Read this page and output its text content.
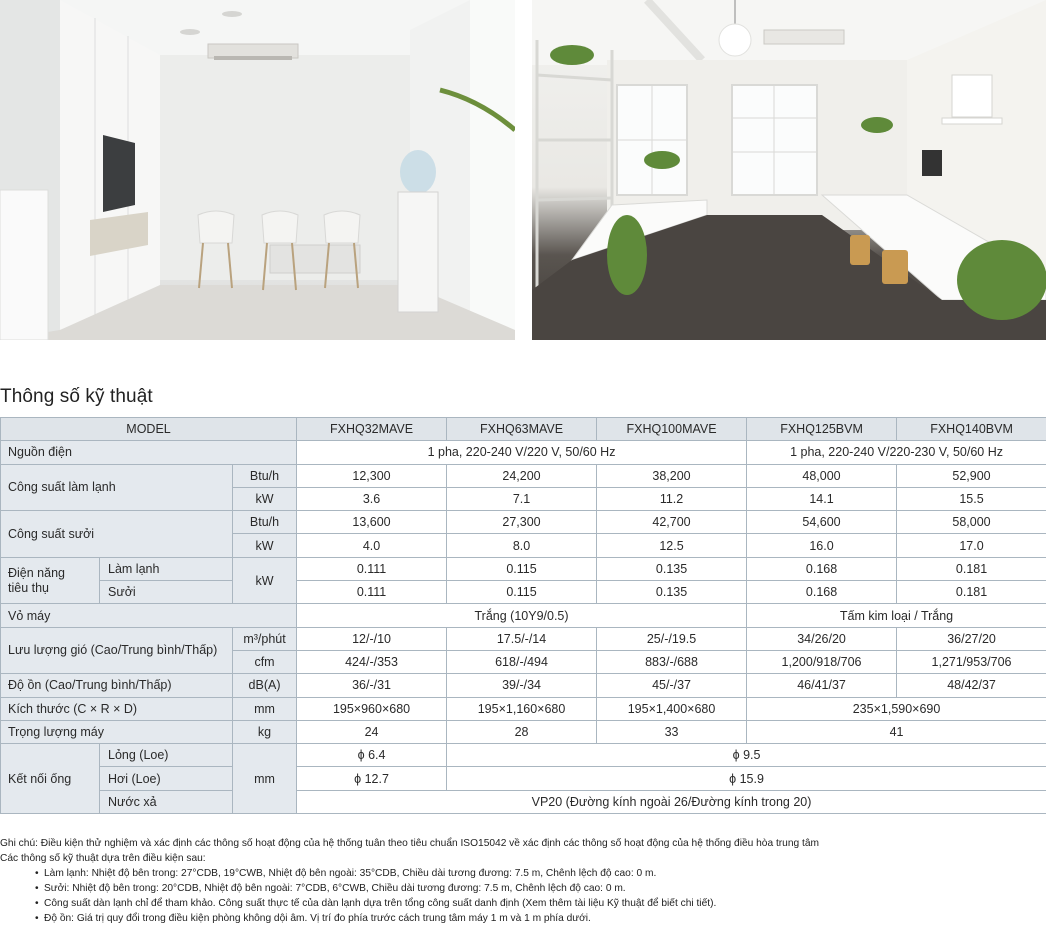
Thông số kỹ thuật
MODEL			FXHQ32MAVE	FXHQ63MAVE	FXHQ100MAVE	FXHQ125BVM	FXHQ140BVM
Nguồn điện			1 pha, 220-240 V/220 V, 50/60 Hz			1 pha, 220-240 V/220-230 V, 50/60 Hz	
Công suất làm lạnh		Btu/h	12,300	24,200	38,200	48,000	52,900
		kW	3.6	7.1	11.2	14.1	15.5
Công suất sưởi		Btu/h	13,600	27,300	42,700	54,600	58,000
		kW	4.0	8.0	12.5	16.0	17.0
Điện năng
tiêu thụ	Làm lạnh	kW	0.111	0.115	0.135	0.168	0.181
	Sưởi		0.111	0.115	0.135	0.168	0.181
Vỏ máy			Trắng (10Y9/0.5)			Tấm kim loại / Trắng	
Lưu lượng gió (Cao/Trung bình/Thấp)		m³/phút	12/-/10	17.5/-/14	25/-/19.5	34/26/20	36/27/20
		cfm	424/-/353	618/-/494	883/-/688	1,200/918/706	1,271/953/706
Độ ồn (Cao/Trung bình/Thấp)		dB(A)	36/-/31	39/-/34	45/-/37	46/41/37	48/42/37
Kích thước (C × R × D)		mm	195×960×680	195×1,160×680	195×1,400×680	235×1,590×690	
Trọng lượng máy		kg	24	28	33	41	
Kết nối ống	Lỏng (Loe)	mm	ϕ 6.4	ϕ 9.5			
	Hơi (Loe)		ϕ 12.7	ϕ 15.9			
	Nước xả		VP20 (Đường kính ngoài 26/Đường kính trong 20)				

Ghi chú: Điều kiện thử nghiệm và xác định các thông số hoạt động của hệ thống tuân theo tiêu chuẩn ISO15042 về xác định các thông số hoạt động của hệ thống điều hòa trung tâm

Các thông số kỹ thuật dựa trên điều kiện sau:

• Làm lạnh: Nhiệt độ bên trong: 27°CDB, 19°CWB, Nhiệt độ bên ngoài: 35°CDB, Chiều dài tương đương: 7.5 m, Chênh lệch độ cao: 0 m.
• Sưởi: Nhiệt độ bên trong: 20°CDB, Nhiệt độ bên ngoài: 7°CDB, 6°CWB, Chiều dài tương đương: 7.5 m, Chênh lệch độ cao: 0 m.
• Công suất dàn lạnh chỉ để tham khảo. Công suất thực tế của dàn lạnh dựa trên tổng công suất danh định (Xem thêm tài liệu Kỹ thuật để biết chi tiết).
• Độ ồn: Giá trị quy đổi trong điều kiện phòng không dội âm. Vị trí đo phía trước cách trung tâm máy 1 m và 1 m phía dưới.
